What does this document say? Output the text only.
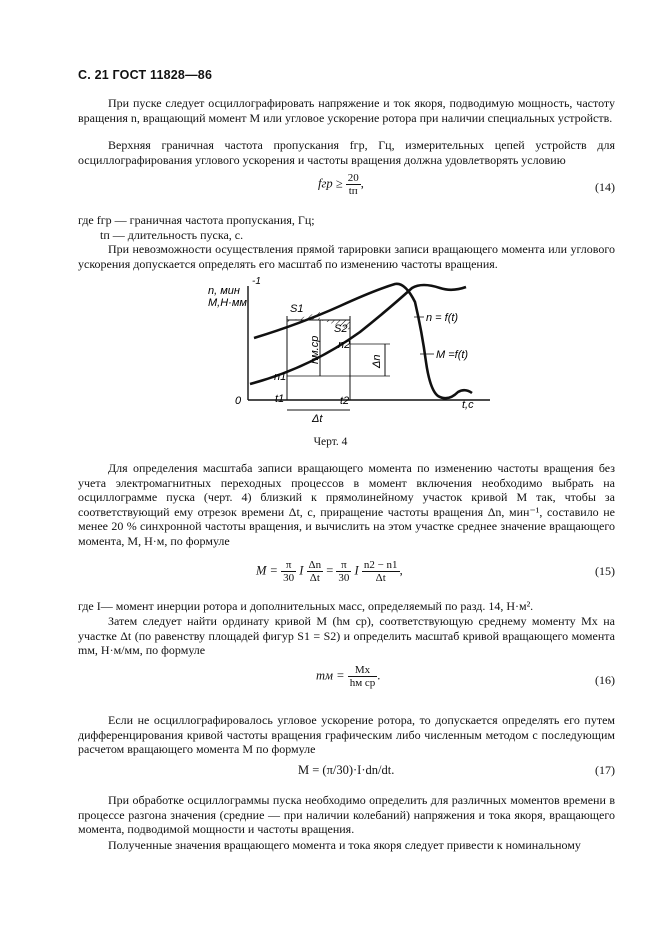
С. 21 ГОСТ 11828—86
При пуске следует осциллографировать напряжение и ток якоря, подводимую мощность, частоту вращения n, вращающий момент M или угловое ускорение ротора при наличии специальных устройств.
Верхняя граничная частота пропускания fгр, Гц, измерительных цепей устройств для осциллографирования углового ускорения и частоты вращения должна удовлетворять условию
fгр ≥ $\frac{20}{tп}$ ,	(14)
где fгр — граничная частота пропускания, Гц;
tп — длительность пуска, с.
При невозможности осуществления прямой тарировки записи вращающего момента или углового ускорения допускается определять его масштаб по изменению частоты вращения.
n, мин
-1
M,Н·мм	S1
S2
n2
n1
hм.ср	Δn
0	t1	t2
Δt
t,c
n = f(t)
M =f(t)
Черт. 4
Для определения масштаба записи вращающего момента по изменению частоты вращения без учета электромагнитных переходных процессов в момент включения необходимо выбрать на осциллограмме пуска (черт. 4) близкий к прямолинейному участок кривой M так, чтобы за соответствующий ему отрезок времени Δt, с, приращение частоты вращения Δn, мин⁻¹, составило не менее 20 % синхронной частоты вращения, и вычислить на этом участке среднее значение вращающего момента, M, Н·м, по формуле
$M = \frac{\pi}{30}$ I $\frac{\Delta n}{\Delta t} = \frac{\pi}{30}$ I $\frac{n2 - n1}{\Delta t}$ ,	(15)
где I— момент инерции ротора и дополнительных масс, определяемый по разд. 14, Н·м².
Затем следует найти ординату кривой M (hм ср), соответствующую среднему моменту Mх на участке Δt (по равенству площадей фигур S1 = S2) и определить масштаб кривой вращающего момента mм, Н·м/мм, по формуле
mм = $\frac{Mх}{\text{hм ср}}$ .	(16)
Если не осциллографировалось угловое ускорение ротора, то допускается определять его путем дифференцирования кривой частоты вращения графическим либо численным методом с последующим расчетом вращающего момента M по формуле
M = (π/30)·I·dn/dt.	(17)
При обработке осциллограммы пуска необходимо определить для различных моментов времени в процессе разгона значения (средние — при наличии колебаний) напряжения и тока якоря, вращающего момента, подводимой мощности и частоты вращения.
Полученные значения вращающего момента и тока якоря следует привести к номинальному
